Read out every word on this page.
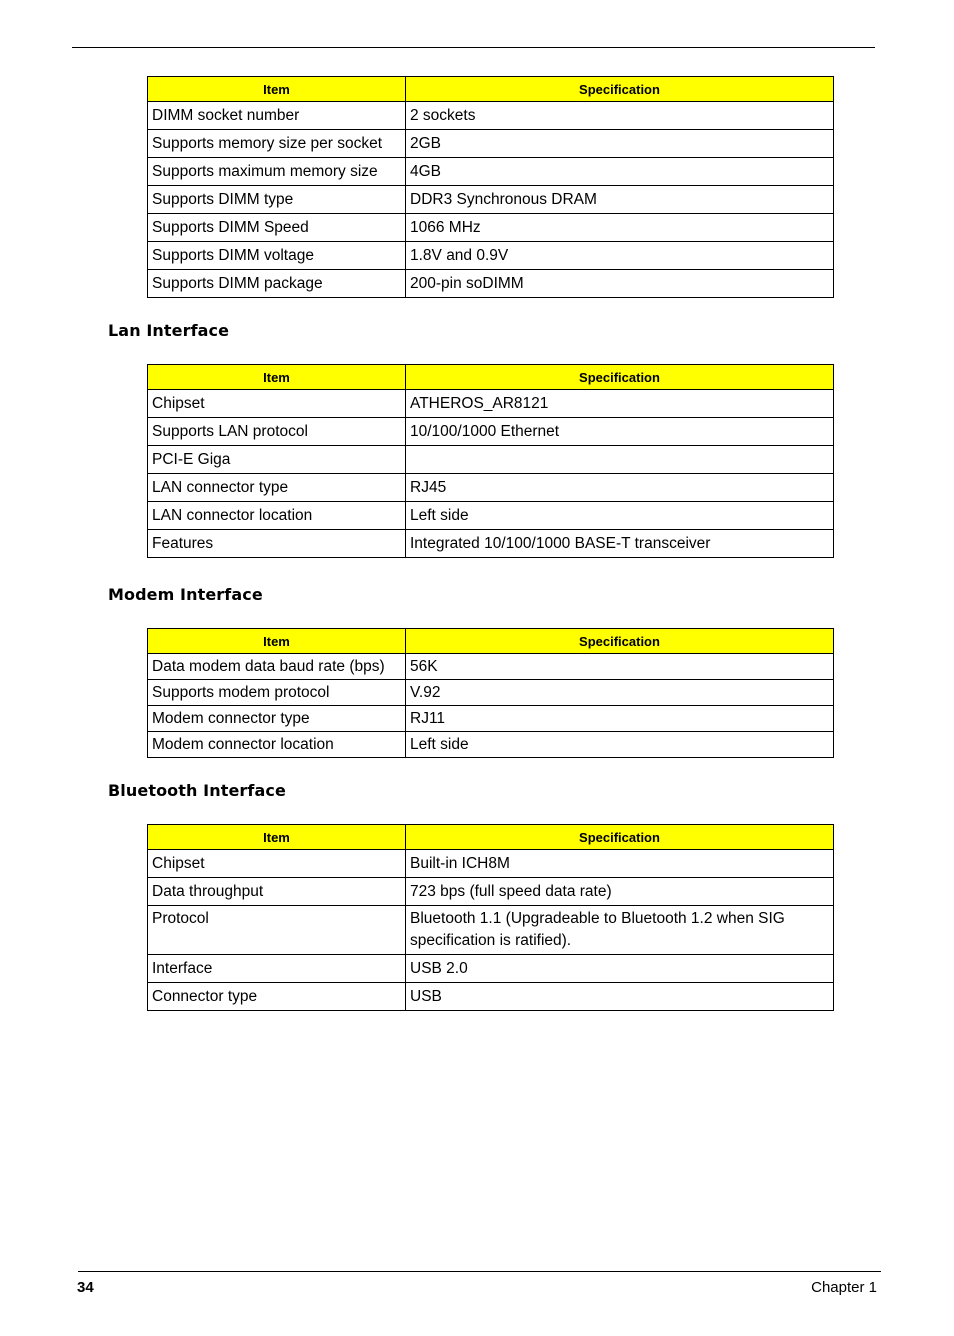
Item	Specification
DIMM socket number	2 sockets
Supports memory size per socket	2GB
Supports maximum memory size	4GB
Supports DIMM type	DDR3 Synchronous DRAM
Supports DIMM Speed	1066 MHz
Supports DIMM voltage	1.8V and 0.9V
Supports DIMM package	200-pin soDIMM
Lan Interface
Item	Specification
Chipset	ATHEROS_AR8121
Supports LAN protocol	10/100/1000 Ethernet
PCI-E Giga	
LAN connector type	RJ45
LAN connector location	Left side
Features	Integrated 10/100/1000 BASE-T transceiver
Modem Interface
Item	Specification
Data modem data baud rate (bps)	56K
Supports modem protocol	V.92
Modem connector type	RJ11
Modem connector location	Left side
Bluetooth Interface
Item	Specification
Chipset	Built-in ICH8M
Data throughput	723 bps (full speed data rate)
Protocol	Bluetooth 1.1 (Upgradeable to Bluetooth 1.2 when SIG specification is ratified).
Interface	USB 2.0
Connector type	USB
34	Chapter 1
